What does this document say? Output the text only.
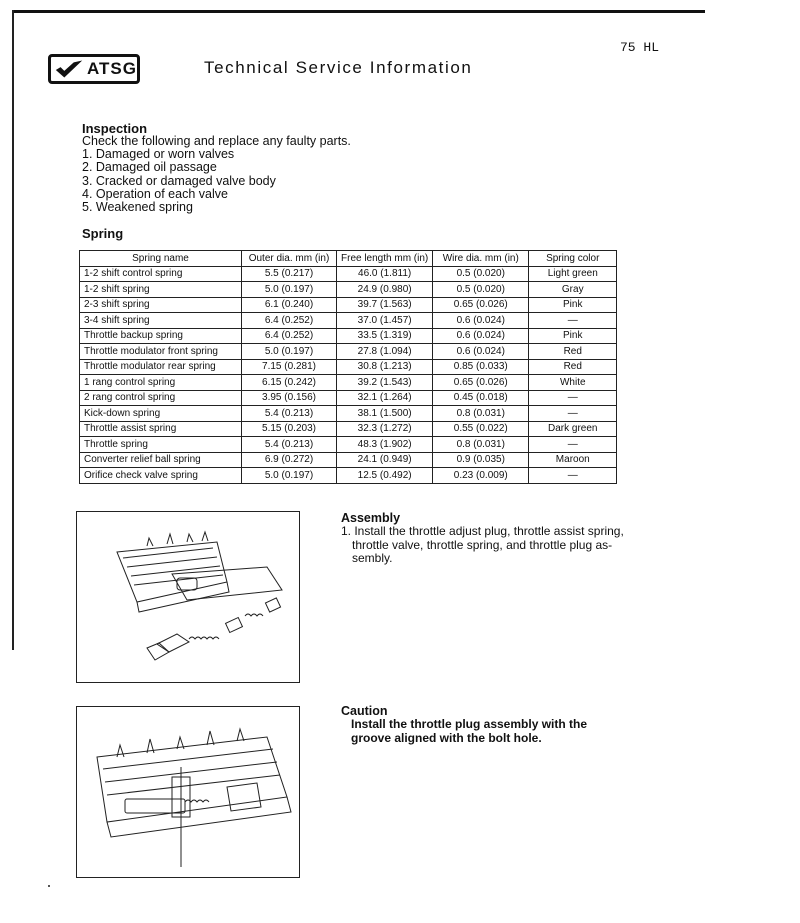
75 HL
ATSG	Technical Service Information
Inspection
Check the following and replace any faulty parts.
1. Damaged or worn valves
2. Damaged oil passage
3. Cracked or damaged valve body
4. Operation of each valve
5. Weakened spring
Spring
Spring name	Outer dia. mm (in)	Free length mm (in)	Wire dia. mm (in)	Spring color
1-2 shift control spring	5.5 (0.217)	46.0 (1.811)	0.5 (0.020)	Light green
1-2 shift spring	5.0 (0.197)	24.9 (0.980)	0.5 (0.020)	Gray
2-3 shift spring	6.1 (0.240)	39.7 (1.563)	0.65 (0.026)	Pink
3-4 shift spring	6.4 (0.252)	37.0 (1.457)	0.6 (0.024)	—
Throttle backup spring	6.4 (0.252)	33.5 (1.319)	0.6 (0.024)	Pink
Throttle modulator front spring	5.0 (0.197)	27.8 (1.094)	0.6 (0.024)	Red
Throttle modulator rear spring	7.15 (0.281)	30.8 (1.213)	0.85 (0.033)	Red
1 rang control spring	6.15 (0.242)	39.2 (1.543)	0.65 (0.026)	White
2 rang control spring	3.95 (0.156)	32.1 (1.264)	0.45 (0.018)	—
Kick-down spring	5.4 (0.213)	38.1 (1.500)	0.8 (0.031)	—
Throttle assist spring	5.15 (0.203)	32.3 (1.272)	0.55 (0.022)	Dark green
Throttle spring	5.4 (0.213)	48.3 (1.902)	0.8 (0.031)	—
Converter relief ball spring	6.9 (0.272)	24.1 (0.949)	0.9 (0.035)	Maroon
Orifice check valve spring	5.0 (0.197)	12.5 (0.492)	0.23 (0.009)	—
Assembly
1. Install the throttle adjust plug, throttle assist spring,
throttle valve, throttle spring, and throttle plug as-
sembly.
Caution
Install the throttle plug assembly with the
groove aligned with the bolt hole.
